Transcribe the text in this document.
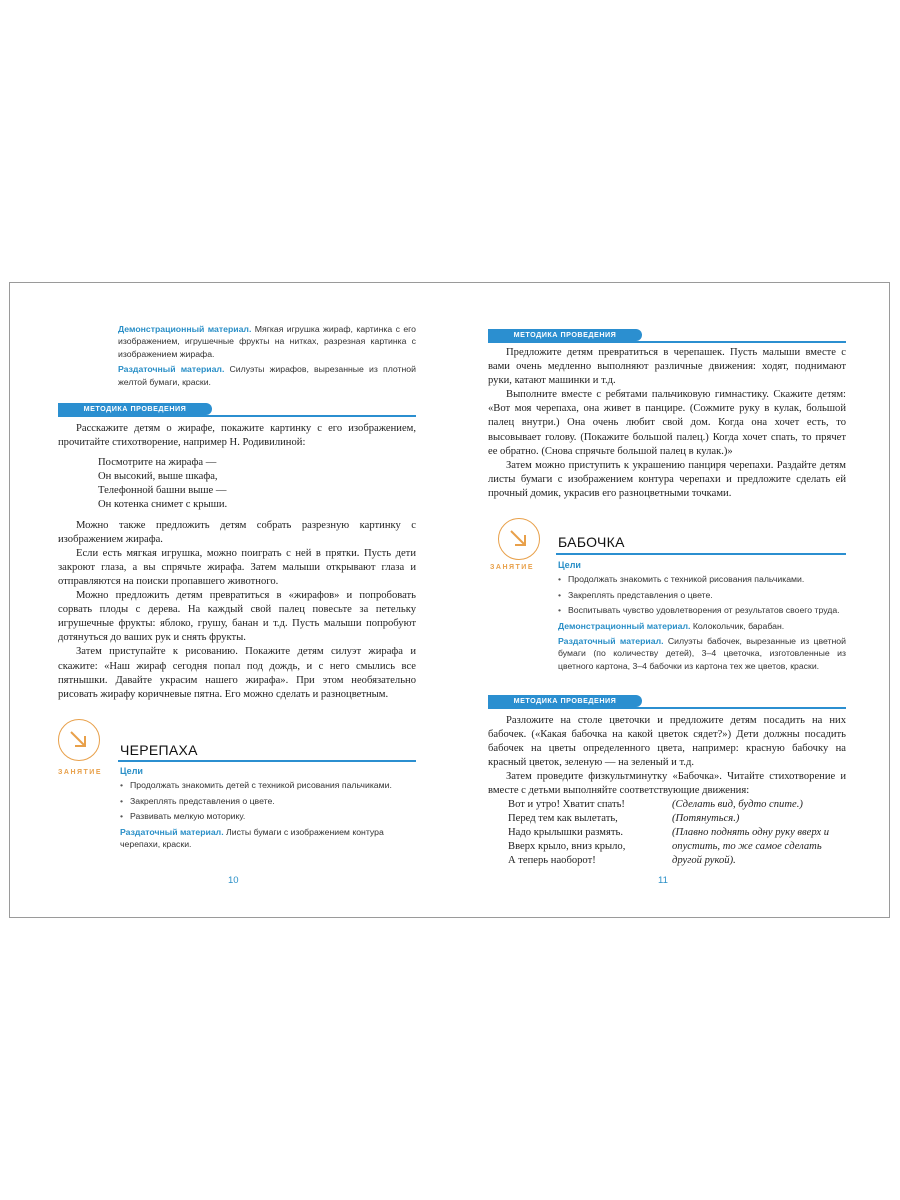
Демонстрационный материал. Мягкая игрушка жираф, картинка с его изображением, игрушечные фрукты на нитках, разрезная картинка с изображением жирафа.

Раздаточный материал. Силуэты жирафов, вырезанные из плотной желтой бумаги, краски.

МЕТОДИКА ПРОВЕДЕНИЯ

Расскажите детям о жирафе, покажите картинку с его изображением, прочитайте стихотворение, например Н. Родивилиной:

Посмотрите на жирафа —

Он высокий, выше шкафа,

Телефонной башни выше —

Он котенка снимет с крыши.

Можно также предложить детям собрать разрезную картинку с изображением жирафа.

Если есть мягкая игрушка, можно поиграть с ней в прятки. Пусть дети закроют глаза, а вы спрячьте жирафа. Затем малыши открывают глаза и отправляются на поиски пропавшего животного.

Можно предложить детям превратиться в «жирафов» и попробовать сорвать плоды с дерева. На каждый свой палец повесьте за петельку игрушечные фрукты: яблоко, грушу, банан и т.д. Пусть малыши попробуют дотянуться до ваших рук и снять фрукты.

Затем приступайте к рисованию. Покажите детям силуэт жирафа и скажите: «Наш жираф сегодня попал под дождь, и с него смылись все пятнышки. Давайте украсим нашего жирафа». При этом необязательно рисовать жирафу коричневые пятна. Его можно сделать и разноцветным.

ЗАНЯТИЕ
ЧЕРЕПАХА
Цели
• Продолжать знакомить детей с техникой рисования пальчиками.
• Закреплять представления о цвете.
• Развивать мелкую моторику.

Раздаточный материал. Листы бумаги с изображением контура черепахи, краски.

10
МЕТОДИКА ПРОВЕДЕНИЯ

Предложите детям превратиться в черепашек. Пусть малыши вместе с вами очень медленно выполняют различные движения: ходят, поднимают руки, катают машинки и т.д.

Выполните вместе с ребятами пальчиковую гимнастику. Скажите детям: «Вот моя черепаха, она живет в панцире. (Сожмите руку в кулак, большой палец внутри.) Она очень любит свой дом. Когда она хочет есть, то высовывает голову. (Покажите большой палец.) Когда хочет спать, то прячет ее обратно. (Снова спрячьте большой палец в кулак.)»

Затем можно приступить к украшению панциря черепахи. Раздайте детям листы бумаги с изображением контура черепахи и предложите сделать ей прочный домик, украсив его разноцветными точками.

ЗАНЯТИЕ
БАБОЧКА
Цели
• Продолжать знакомить с техникой рисования пальчиками.
• Закреплять представления о цвете.
• Воспитывать чувство удовлетворения от результатов своего труда.

Демонстрационный материал. Колокольчик, барабан.

Раздаточный материал. Силуэты бабочек, вырезанные из цветной бумаги (по количеству детей), 3–4 цветочка, изготовленные из цветного картона, 3–4 бабочки из картона тех же цветов, краски.

МЕТОДИКА ПРОВЕДЕНИЯ

Разложите на столе цветочки и предложите детям посадить на них бабочек. («Какая бабочка на какой цветок сядет?») Дети должны посадить бабочек на цветы определенного цвета, например: красную бабочку на красный цветок, зеленую — на зеленый и т.д.

Затем проведите физкультминутку «Бабочка». Читайте стихотворение и вместе с детьми выполняйте соответствующие движения:

Вот и утро! Хватит спать!

Перед тем как вылетать,

Надо крылышки размять.

Вверх крыло, вниз крыло,

А теперь наоборот!

(Сделать вид, будто спите.)

(Потянуться.)

(Плавно поднять одну руку вверх и опустить, то же самое сделать другой рукой).

11
